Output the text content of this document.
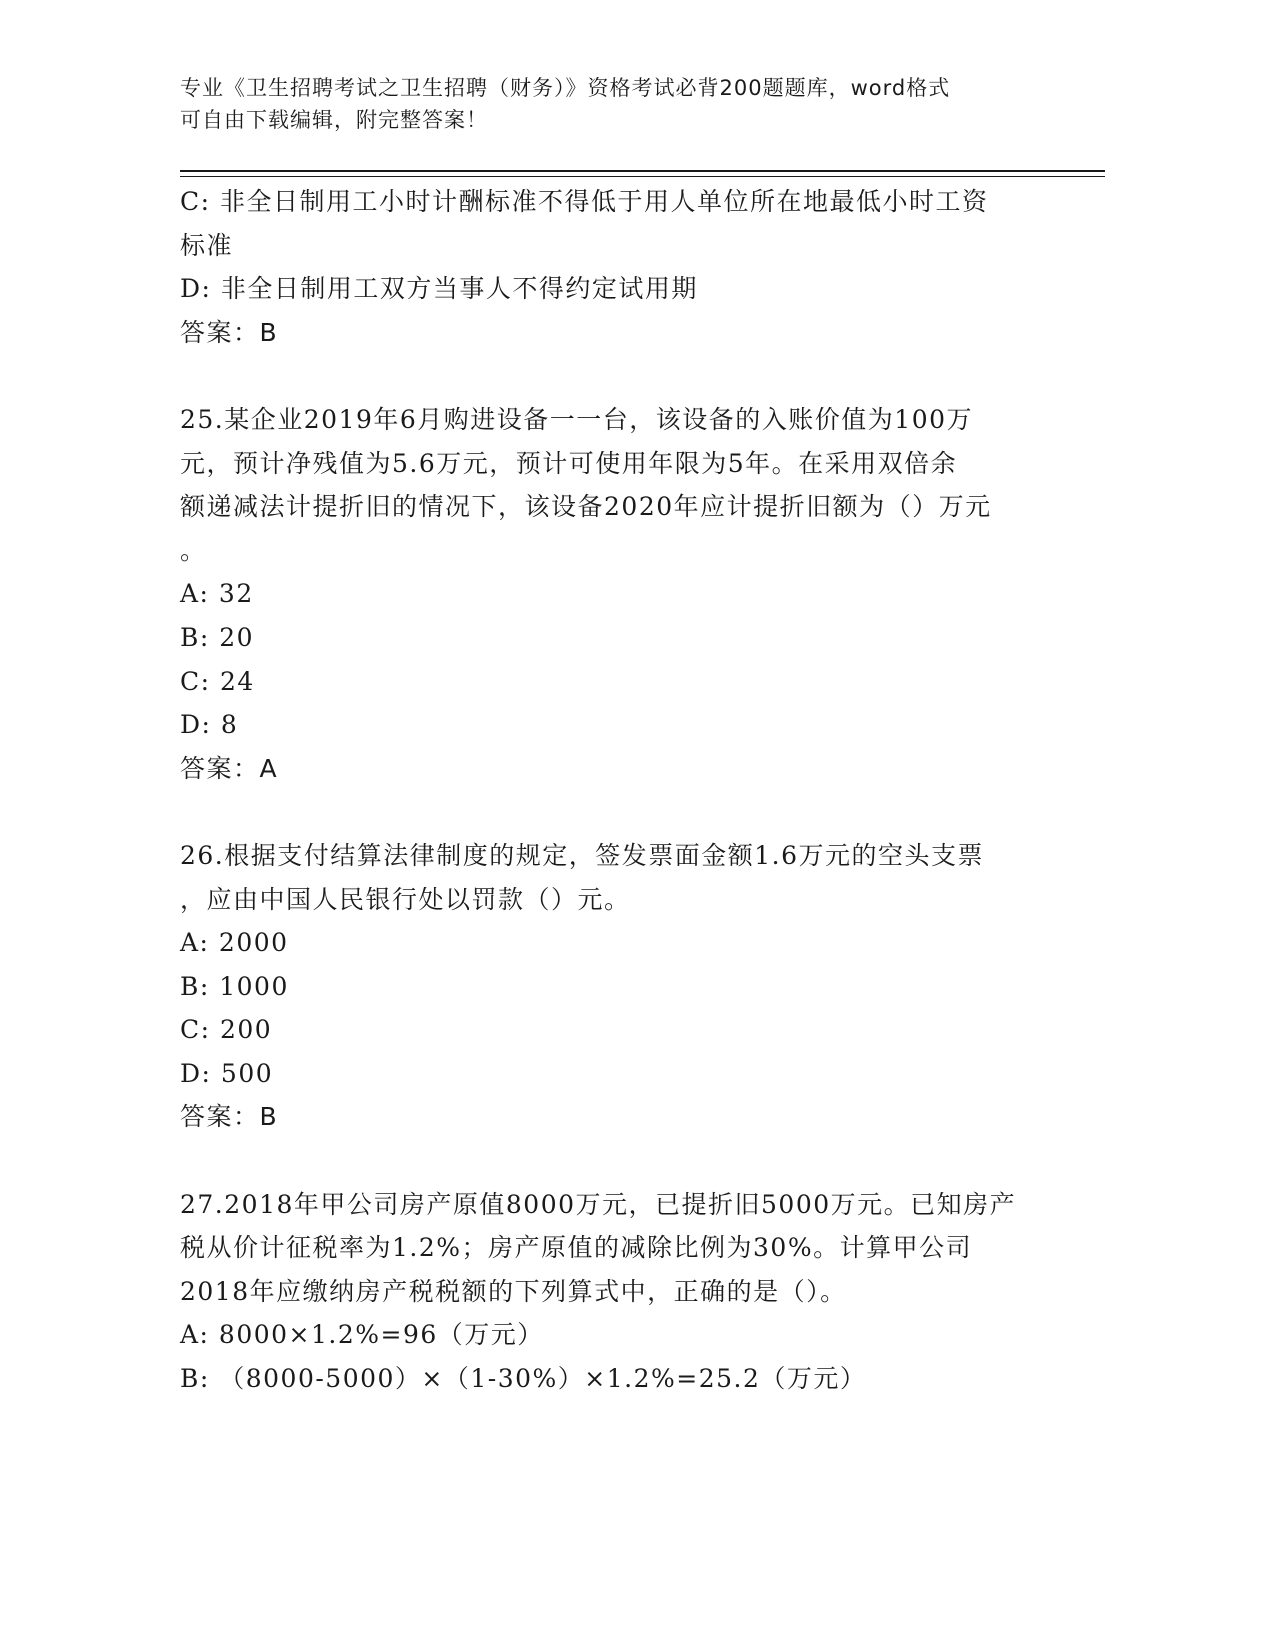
专业《卫生招聘考试之卫生招聘（财务）》资格考试必背200题题库，word格式
可自由下载编辑，附完整答案！
C: 非全日制用工小时计酬标准不得低于用人单位所在地最低小时工资
标准
D: 非全日制用工双方当事人不得约定试用期
答案：B
25.某企业2019年6月购进设备一一台，该设备的入账价值为100万
元，预计净残值为5.6万元，预计可使用年限为5年。在采用双倍余
额递减法计提折旧的情况下，该设备2020年应计提折旧额为（）万元
。
A: 32
B: 20
C: 24
D: 8
答案：A
26.根据支付结算法律制度的规定，签发票面金额1.6万元的空头支票
，应由中国人民银行处以罚款（）元。
A: 2000
B: 1000
C: 200
D: 500
答案：B
27.2018年甲公司房产原值8000万元，已提折旧5000万元。已知房产
税从价计征税率为1.2%；房产原值的减除比例为30%。计算甲公司
2018年应缴纳房产税税额的下列算式中，正确的是（）。
A: 8000×1.2%=96（万元）
B: （8000-5000）×（1-30%）×1.2%=25.2（万元）
